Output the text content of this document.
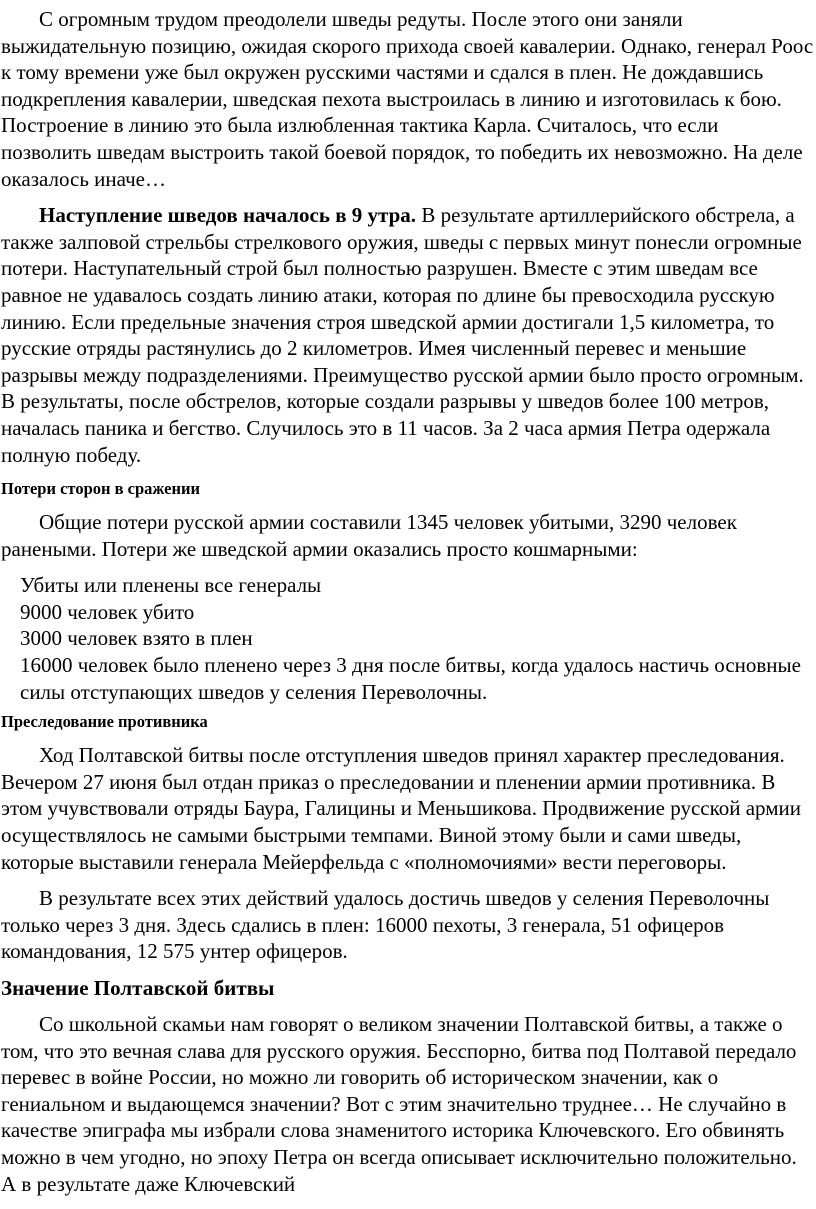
С огромным трудом преодолели шведы редуты. После этого они заняли выжидательную позицию, ожидая скорого прихода своей кавалерии. Однако, генерал Роос к тому времени уже был окружен русскими частями и сдался в плен. Не дождавшись подкрепления кавалерии, шведская пехота выстроилась в линию и изготовилась к бою. Построение в линию это была излюбленная тактика Карла. Считалось, что если позволить шведам выстроить такой боевой порядок, то победить их невозможно. На деле оказалось иначе…

Наступление шведов началось в 9 утра. В результате артиллерийского обстрела, а также залповой стрельбы стрелкового оружия, шведы с первых минут понесли огромные потери. Наступательный строй был полностью разрушен. Вместе с этим шведам все равное не удавалось создать линию атаки, которая по длине бы превосходила русскую линию. Если предельные значения строя шведской армии достигали 1,5 километра, то русские отряды растянулись до 2 километров. Имея численный перевес и меньшие разрывы между подразделениями. Преимущество русской армии было просто огромным. В результаты, после обстрелов, которые создали разрывы у шведов более 100 метров, началась паника и бегство. Случилось это в 11 часов. За 2 часа армия Петра одержала полную победу.

Потери сторон в сражении

Общие потери русской армии составили 1345 человек убитыми, 3290 человек ранеными. Потери же шведской армии оказались просто кошмарными:

Убиты или пленены все генералы
9000 человек убито
3000 человек взято в плен
16000 человек было пленено через 3 дня после битвы, когда удалось настичь основные силы отступающих шведов у селения Переволочны.
Преследование противника

Ход Полтавской битвы после отступления шведов принял характер преследования. Вечером 27 июня был отдан приказ о преследовании и пленении армии противника. В этом учувствовали отряды Баура, Галицины и Меньшикова. Продвижение русской армии осуществлялось не самыми быстрыми темпами. Виной этому были и сами шведы, которые выставили генерала Мейерфельда с «полномочиями» вести переговоры.

В результате всех этих действий удалось достичь шведов у селения Переволочны только через 3 дня. Здесь сдались в плен: 16000 пехоты, 3 генерала, 51 офицеров командования, 12 575 унтер офицеров.

Значение Полтавской битвы

Со школьной скамьи нам говорят о великом значении Полтавской битвы, а также о том, что это вечная слава для русского оружия. Бесспорно, битва под Полтавой передало перевес в войне России, но можно ли говорить об историческом значении, как о гениальном и выдающемся значении? Вот с этим значительно труднее… Не случайно в качестве эпиграфа мы избрали слова знаменитого историка Ключевского. Его обвинять можно в чем угодно, но эпоху Петра он всегда описывает исключительно положительно. А в результате даже Ключевский
